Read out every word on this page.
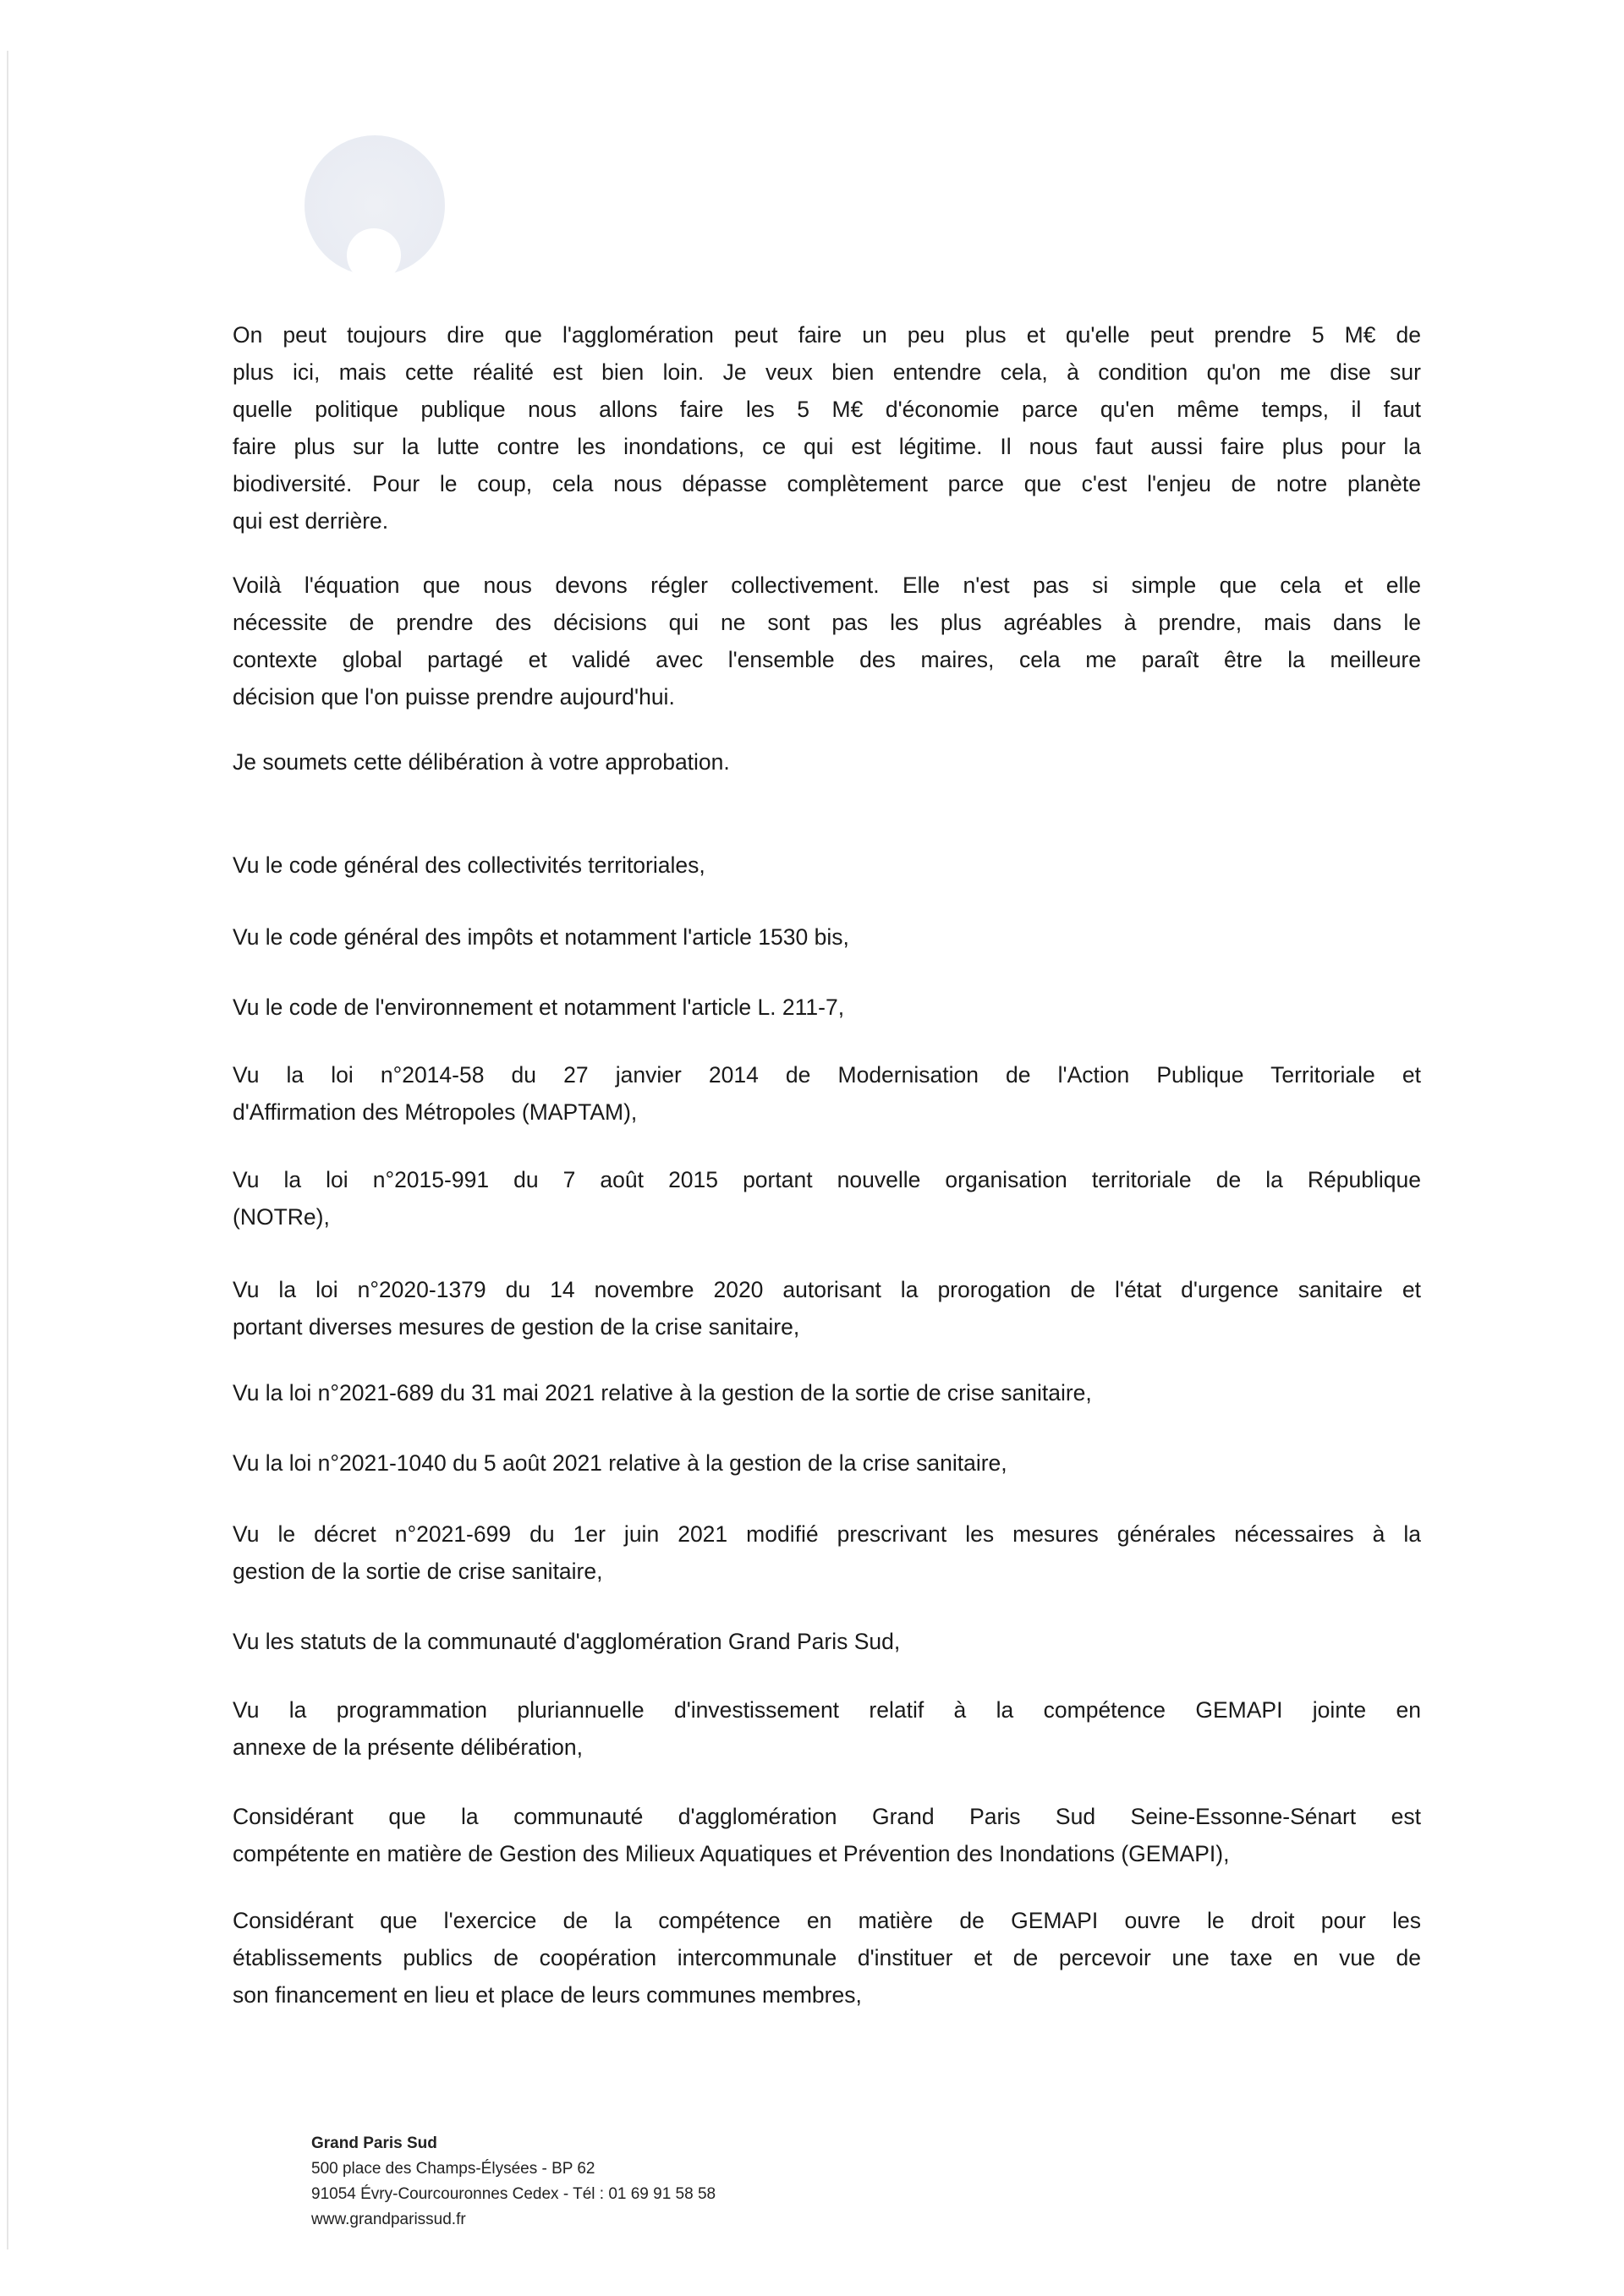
On peut toujours dire que l'agglomération peut faire un peu plus et qu'elle peut prendre 5 M€ de
plus ici, mais cette réalité est bien loin. Je veux bien entendre cela, à condition qu'on me dise sur
quelle politique publique nous allons faire les 5 M€ d'économie parce qu'en même temps, il faut
faire plus sur la lutte contre les inondations, ce qui est légitime. Il nous faut aussi faire plus pour la
biodiversité. Pour le coup, cela nous dépasse complètement parce que c'est l'enjeu de notre planète
qui est derrière.
Voilà l'équation que nous devons régler collectivement. Elle n'est pas si simple que cela et elle
nécessite de prendre des décisions qui ne sont pas les plus agréables à prendre, mais dans le
contexte global partagé et validé avec l'ensemble des maires, cela me paraît être la meilleure
décision que l'on puisse prendre aujourd'hui.
Je soumets cette délibération à votre approbation.
Vu le code général des collectivités territoriales,
Vu le code général des impôts et notamment l'article 1530 bis,
Vu le code de l'environnement et notamment l'article L. 211-7,
Vu la loi n°2014-58 du 27 janvier 2014 de Modernisation de l'Action Publique Territoriale et
d'Affirmation des Métropoles (MAPTAM),
Vu la loi n°2015-991 du 7 août 2015 portant nouvelle organisation territoriale de la République
(NOTRe),
Vu la loi n°2020-1379 du 14 novembre 2020 autorisant la prorogation de l'état d'urgence sanitaire et
portant diverses mesures de gestion de la crise sanitaire,
Vu la loi n°2021-689 du 31 mai 2021 relative à la gestion de la sortie de crise sanitaire,
Vu la loi n°2021-1040 du 5 août 2021 relative à la gestion de la crise sanitaire,
Vu le décret n°2021-699 du 1er juin 2021 modifié prescrivant les mesures générales nécessaires à la
gestion de la sortie de crise sanitaire,
Vu les statuts de la communauté d'agglomération Grand Paris Sud,
Vu la programmation pluriannuelle d'investissement relatif à la compétence GEMAPI jointe en
annexe de la présente délibération,
Considérant que la communauté d'agglomération Grand Paris Sud Seine-Essonne-Sénart est
compétente en matière de Gestion des Milieux Aquatiques et Prévention des Inondations (GEMAPI),
Considérant que l'exercice de la compétence en matière de GEMAPI ouvre le droit pour les
établissements publics de coopération intercommunale d'instituer et de percevoir une taxe en vue de
son financement en lieu et place de leurs communes membres,
Grand Paris Sud
500 place des Champs-Élysées - BP 62
91054 Évry-Courcouronnes Cedex - Tél : 01 69 91 58 58
www.grandparissud.fr
